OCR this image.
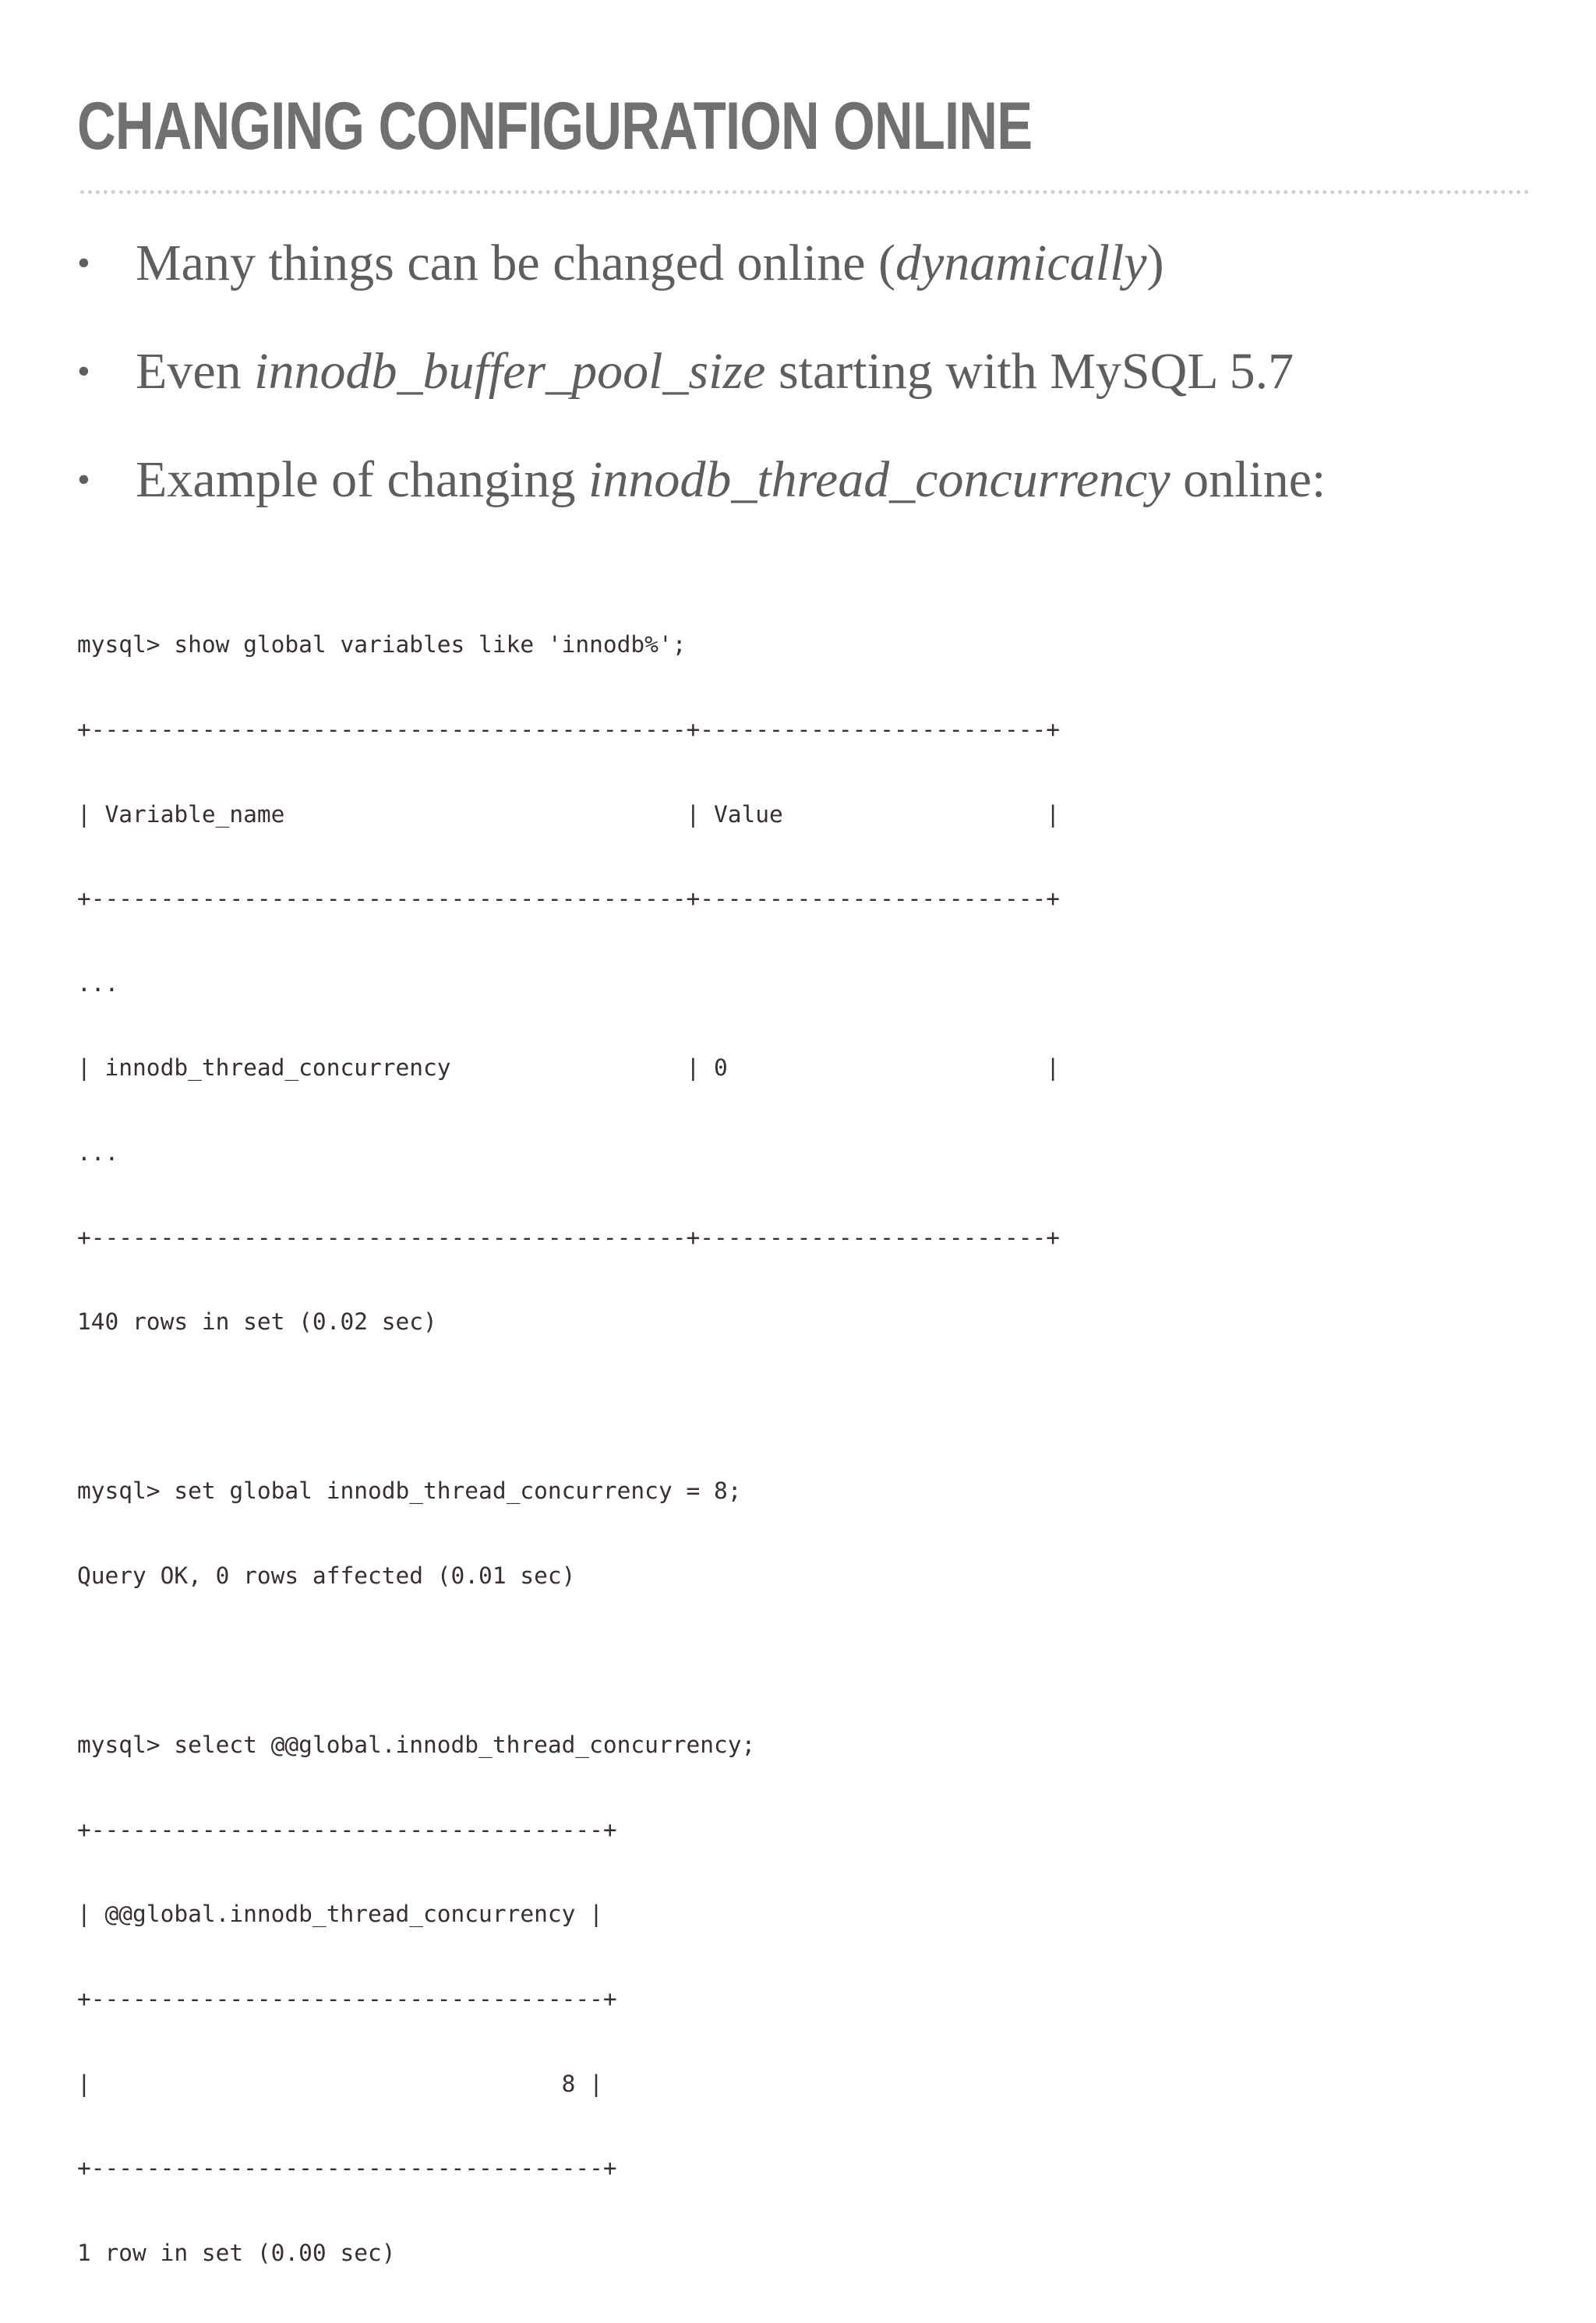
CHANGING CONFIGURATION ONLINE
• Many things can be changed online (dynamically)
• Even innodb_buffer_pool_size starting with MySQL 5.7
• Example of changing innodb_thread_concurrency online:

mysql> show global variables like 'innodb%';

+-------------------------------------------+-------------------------+

| Variable_name                             | Value                   |

+-------------------------------------------+-------------------------+

...

| innodb_thread_concurrency                 | 0                       |

...

+-------------------------------------------+-------------------------+

140 rows in set (0.02 sec)

mysql> set global innodb_thread_concurrency = 8;

Query OK, 0 rows affected (0.01 sec)

mysql> select @@global.innodb_thread_concurrency;

+-------------------------------------+

| @@global.innodb_thread_concurrency |

+-------------------------------------+

|                                  8 |

+-------------------------------------+

1 row in set (0.00 sec)
